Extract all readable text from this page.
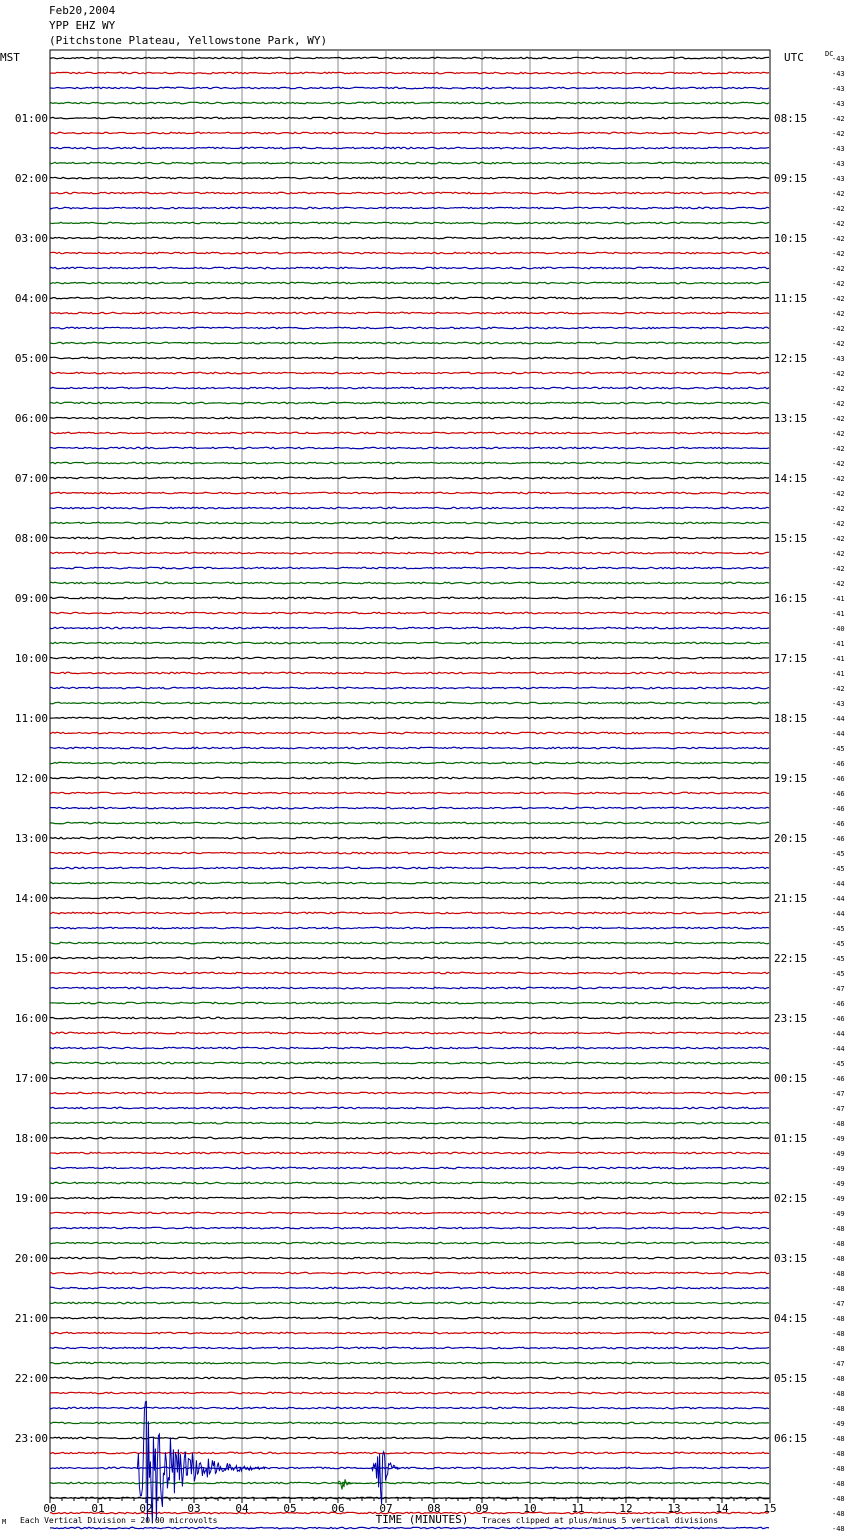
Feb20,2004
YPP EHZ WY
(Pitchstone Plateau, Yellowstone Park, WY)
MST	UTC	DC
01:00
02:00
03:00
04:00
05:00
06:00
07:00
08:00
09:00
10:00
11:00
12:00
13:00
14:00
15:00
16:00
17:00
18:00
19:00
20:00
21:00
22:00
23:00
08:15
09:15
10:15
11:15
12:15
13:15
14:15
15:15
16:15
17:15
18:15
19:15
20:15
21:15
22:15
23:15
00:15
01:15
02:15
03:15
04:15
05:15
06:15
-43
-43
-43
-43
-42
-42
-43
-43
-43
-42
-42
-42
-42
-42
-42
-42
-42
-42
-42
-42
-43
-42
-42
-42
-42
-42
-42
-42
-42
-42
-42
-42
-42
-42
-42
-42
-41
-41
-40
-41
-41
-41
-42
-43
-44
-44
-45
-46
-46
-46
-46
-46
-46
-45
-45
-44
-44
-44
-45
-45
-45
-45
-47
-46
-46
-44
-44
-45
-46
-47
-47
-48
-49
-49
-49
-49
-49
-49
-48
-48
-48
-48
-48
-47
-48
-48
-48
-47
-48
-48
-48
-49
-48
-48
-48
-48
-48
-48
-48
00	01	02	03	04	05	06	07	08	09	10	11	12	13	14	15
M Each Vertical Division = 20.00 microvolts	TIME (MINUTES) Traces clipped at plus/minus 5 vertical divisions
